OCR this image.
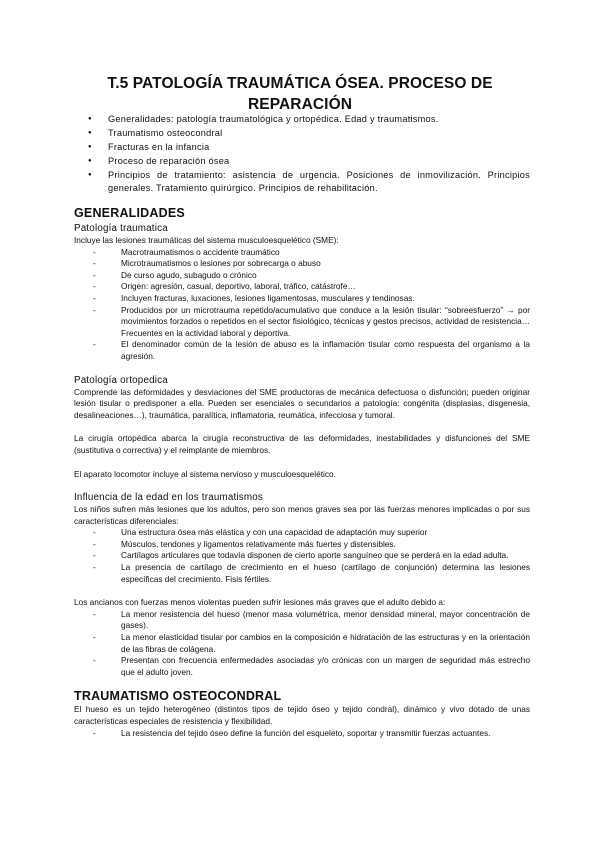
T.5 PATOLOGÍA TRAUMÁTICA ÓSEA. PROCESO DE REPARACIÓN
● Generalidades: patología traumatológica y ortopédica. Edad y traumatismos.
● Traumatismo osteocondral
● Fracturas en la infancia
● Proceso de reparación ósea
● Principios de tratamiento: asistencia de urgencia. Posiciones de inmovilización. Principios generales. Tratamiento quirúrgico. Principios de rehabilitación.
GENERALIDADES
Patología traumatica

Incluye las lesiones traumáticas del sistema musculoesquelético (SME):

- Macrotraumatismos o accidente traumático
- Microtraumatismos o lesiones por sobrecarga o abuso
- De curso agudo, subagudo o crónico
- Origen: agresión, casual, deportivo, laboral, tráfico, catástrofe…
- Incluyen fracturas, luxaciones, lesiones ligamentosas, musculares y tendinosas.
- Producidos por un microtrauma repetido/acumulativo que conduce a la lesión tisular: “sobreesfuerzo” → por movimientos forzados o repetidos en el sector fisiológico, técnicas y gestos precisos, actividad de resistencia… Frecuentes en la actividad laboral y deportiva.
- El denominador común de la lesión de abuso es la inflamación tisular como respuesta del organismo a la agresión.
Patología ortopedica

Comprende las deformidades y desviaciones del SME productoras de mecánica defectuosa o disfunción; pueden originar lesión tisular o predisponer a ella. Pueden ser esenciales o secundarios a patología: congénita (displasias, disgenesia, desalineaciones…), traumática, paralítica, inflamatoria, reumática, infecciosa y tumoral.

La cirugía ortopédica abarca la cirugía reconstructiva de las deformidades, inestabilidades y disfunciones del SME (sustitutiva o correctiva) y el reimplante de miembros.

El aparato locomotor incluye al sistema nervioso y musculoesquelético.

Influencia de la edad en los traumatismos

Los niños sufren más lesiones que los adultos, pero son menos graves sea por las fuerzas menores implicadas o por sus características diferenciales:

- Una estructura ósea más elástica y con una capacidad de adaptación muy superior
- Músculos, tendones y ligamentos relativamente más fuertes y distensibles.
- Cartílagos articulares que todavía disponen de cierto aporte sanguíneo que se perderá en la edad adulta.
- La presencia de cartílago de crecimiento en el hueso (cartílago de conjunción) determina las lesiones específicas del crecimiento. Fisis fértiles.

Los ancianos con fuerzas menos violentas pueden sufrir lesiones más graves que el adulto debido a:

- La menor resistencia del hueso (menor masa volumétrica, menor densidad mineral, mayor concentración de gases).
- La menor elasticidad tisular por cambios en la composición e hidratación de las estructuras y en la orientación de las fibras de colágena.
- Presentan con frecuencia enfermedades asociadas y/o crónicas con un margen de seguridad más estrecho que el adulto joven.
TRAUMATISMO OSTEOCONDRAL

El hueso es un tejido heterogéneo (distintos tipos de tejido óseo y tejido condral), dinámico y vivo dotado de unas características especiales de resistencia y flexibilidad.

- La resistencia del tejido óseo define la función del esqueleto, soportar y transmitir fuerzas actuantes.
